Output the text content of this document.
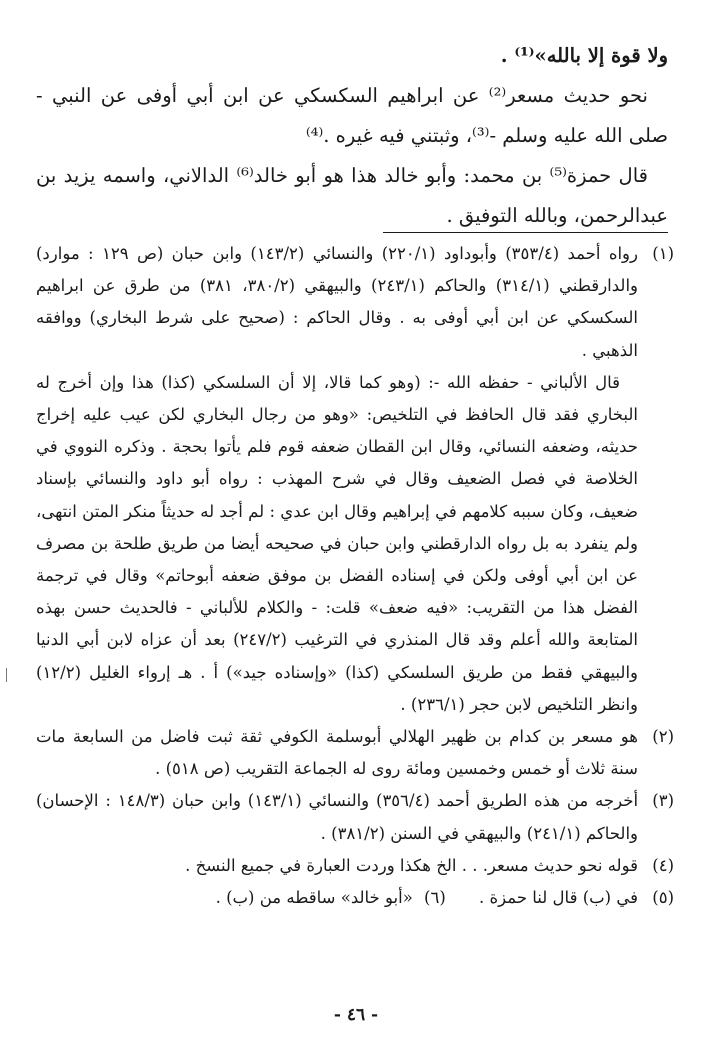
ولا قوة إلا بالله»⁽¹⁾ .

نحو حديث مسعر⁽²⁾ عن ابراهيم السكسكي عن ابن أبي أوفى عن النبي - صلى الله عليه وسلم -⁽³⁾، وثبتني فيه غيره .⁽⁴⁾

قال حمزة⁽⁵⁾ بن محمد: وأبو خالد هذا هو أبو خالد⁽⁶⁾ الدالاني، واسمه يزيد بن عبدالرحمن، وبالله التوفيق .

(١)

رواه أحمد (٣٥٣/٤) وأبوداود (٢٢٠/١) والنسائي (١٤٣/٢) وابن حبان (ص ١٢٩ : موارد) والدارقطني (٣١٤/١) والحاكم (٢٤٣/١) والبيهقي (٣٨٠/٢، ٣٨١) من طرق عن ابراهيم السكسكي عن ابن أبي أوفى به . وقال الحاكم : (صحيح على شرط البخاري) ووافقه الذهبي .

قال الألباني - حفظه الله -: (وهو كما قالا، إلا أن السلسكي (كذا) هذا وإن أخرج له البخاري فقد قال الحافظ في التلخيص: «وهو من رجال البخاري لكن عيب عليه إخراج حديثه، وضعفه النسائي، وقال ابن القطان ضعفه قوم فلم يأتوا بحجة . وذكره النووي في الخلاصة في فصل الضعيف وقال في شرح المهذب : رواه أبو داود والنسائي بإسناد ضعيف، وكان سببه كلامهم في إبراهيم وقال ابن عدي : لم أجد له حديثاً منكر المتن انتهى، ولم ينفرد به بل رواه الدارقطني وابن حبان في صحيحه أيضا من طريق طلحة بن مصرف عن ابن أبي أوفى ولكن في إسناده الفضل بن موفق ضعفه أبوحاتم» وقال في ترجمة الفضل هذا من التقريب: «فيه ضعف» قلت: - والكلام للألباني - فالحديث حسن بهذه المتابعة والله أعلم وقد قال المنذري في الترغيب (٢٤٧/٢) بعد أن عزاه لابن أبي الدنيا والبيهقي فقط من طريق السلسكي (كذا) «وإسناده جيد») أ . هـ إرواء الغليل (١٢/٢) وانظر التلخيص لابن حجر (٢٣٦/١) .

(٢)

هو مسعر بن كدام بن ظهير الهلالي أبوسلمة الكوفي ثقة ثبت فاضل من السابعة مات سنة ثلاث أو خمس وخمسين ومائة روى له الجماعة التقريب (ص ٥١٨) .

(٣)

أخرجه من هذه الطريق أحمد (٣٥٦/٤) والنسائي (١٤٣/١) وابن حبان (١٤٨/٣ : الإحسان) والحاكم (٢٤١/١) والبيهقي في السنن (٣٨١/٢) .

(٤)

قوله نحو حديث مسعر. . . الخ هكذا وردت العبارة في جميع النسخ .

(٥)
في (ب) قال لنا حمزة . (٦) «أبو خالد» ساقطه من (ب) .
- ٤٦ -
